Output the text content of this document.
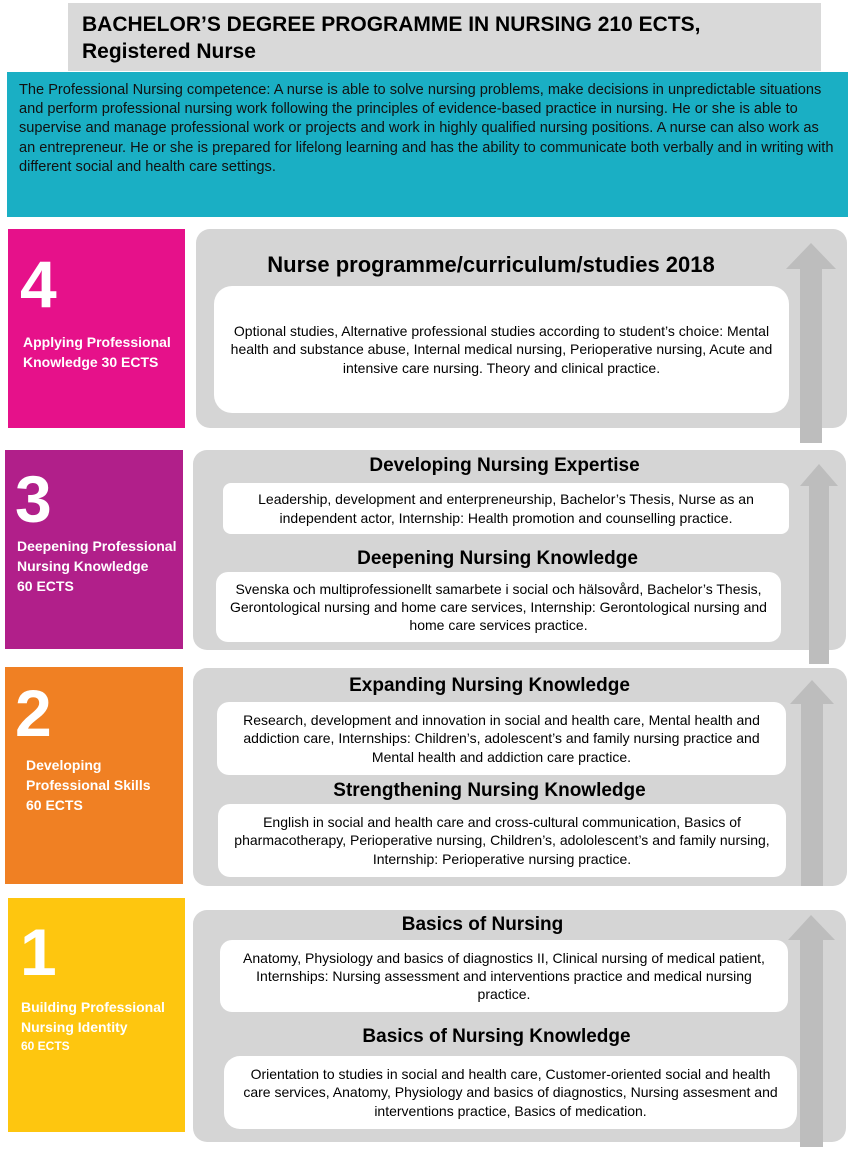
BACHELOR’S DEGREE PROGRAMME IN NURSING 210 ECTS,
Registered Nurse
The Professional Nursing competence: A nurse is able to solve nursing problems, make decisions in unpredictable situations and perform professional nursing work following the principles of evidence-based practice in nursing. He or she is able to supervise and manage professional work or projects and work in highly qualified nursing positions. A nurse can also work as an entrepreneur. He or she is prepared for lifelong learning and has the ability to communicate both verbally and in writing with different social and health care settings.
4
Applying Professional Knowledge 30 ECTS
Nurse programme/curriculum/studies 2018
Optional studies, Alternative professional studies according to student’s choice: Mental health and substance abuse, Internal medical nursing, Perioperative nursing, Acute and intensive care nursing. Theory and clinical practice.
3
Deepening Professional Nursing Knowledge
60 ECTS
Developing Nursing Expertise
Leadership, development and enterpreneurship, Bachelor’s Thesis, Nurse as an independent actor, Internship: Health promotion and counselling practice.
Deepening Nursing Knowledge
Svenska och multiprofessionellt samarbete i social och hälsovård, Bachelor’s Thesis, Gerontological nursing and home care services, Internship: Gerontological nursing and home care services practice.
2
Developing Professional Skills
60 ECTS
Expanding Nursing Knowledge
Research, development and innovation in social and health care, Mental health and addiction care, Internships: Children’s, adolescent’s and family nursing practice and Mental health and addiction care practice.
Strengthening Nursing Knowledge
English in social and health care and cross-cultural communication, Basics of pharmacotherapy, Perioperative nursing, Children’s, adololescent’s and family nursing, Internship: Perioperative nursing practice.
1
Building Professional Nursing Identity
60 ECTS
Basics of Nursing
Anatomy, Physiology and basics of diagnostics II, Clinical nursing of medical patient, Internships: Nursing assessment and interventions practice and medical nursing practice.
Basics of Nursing Knowledge
Orientation to studies in social and health care, Customer-oriented social and health care services, Anatomy, Physiology and basics of diagnostics, Nursing assesment and interventions practice, Basics of medication.
